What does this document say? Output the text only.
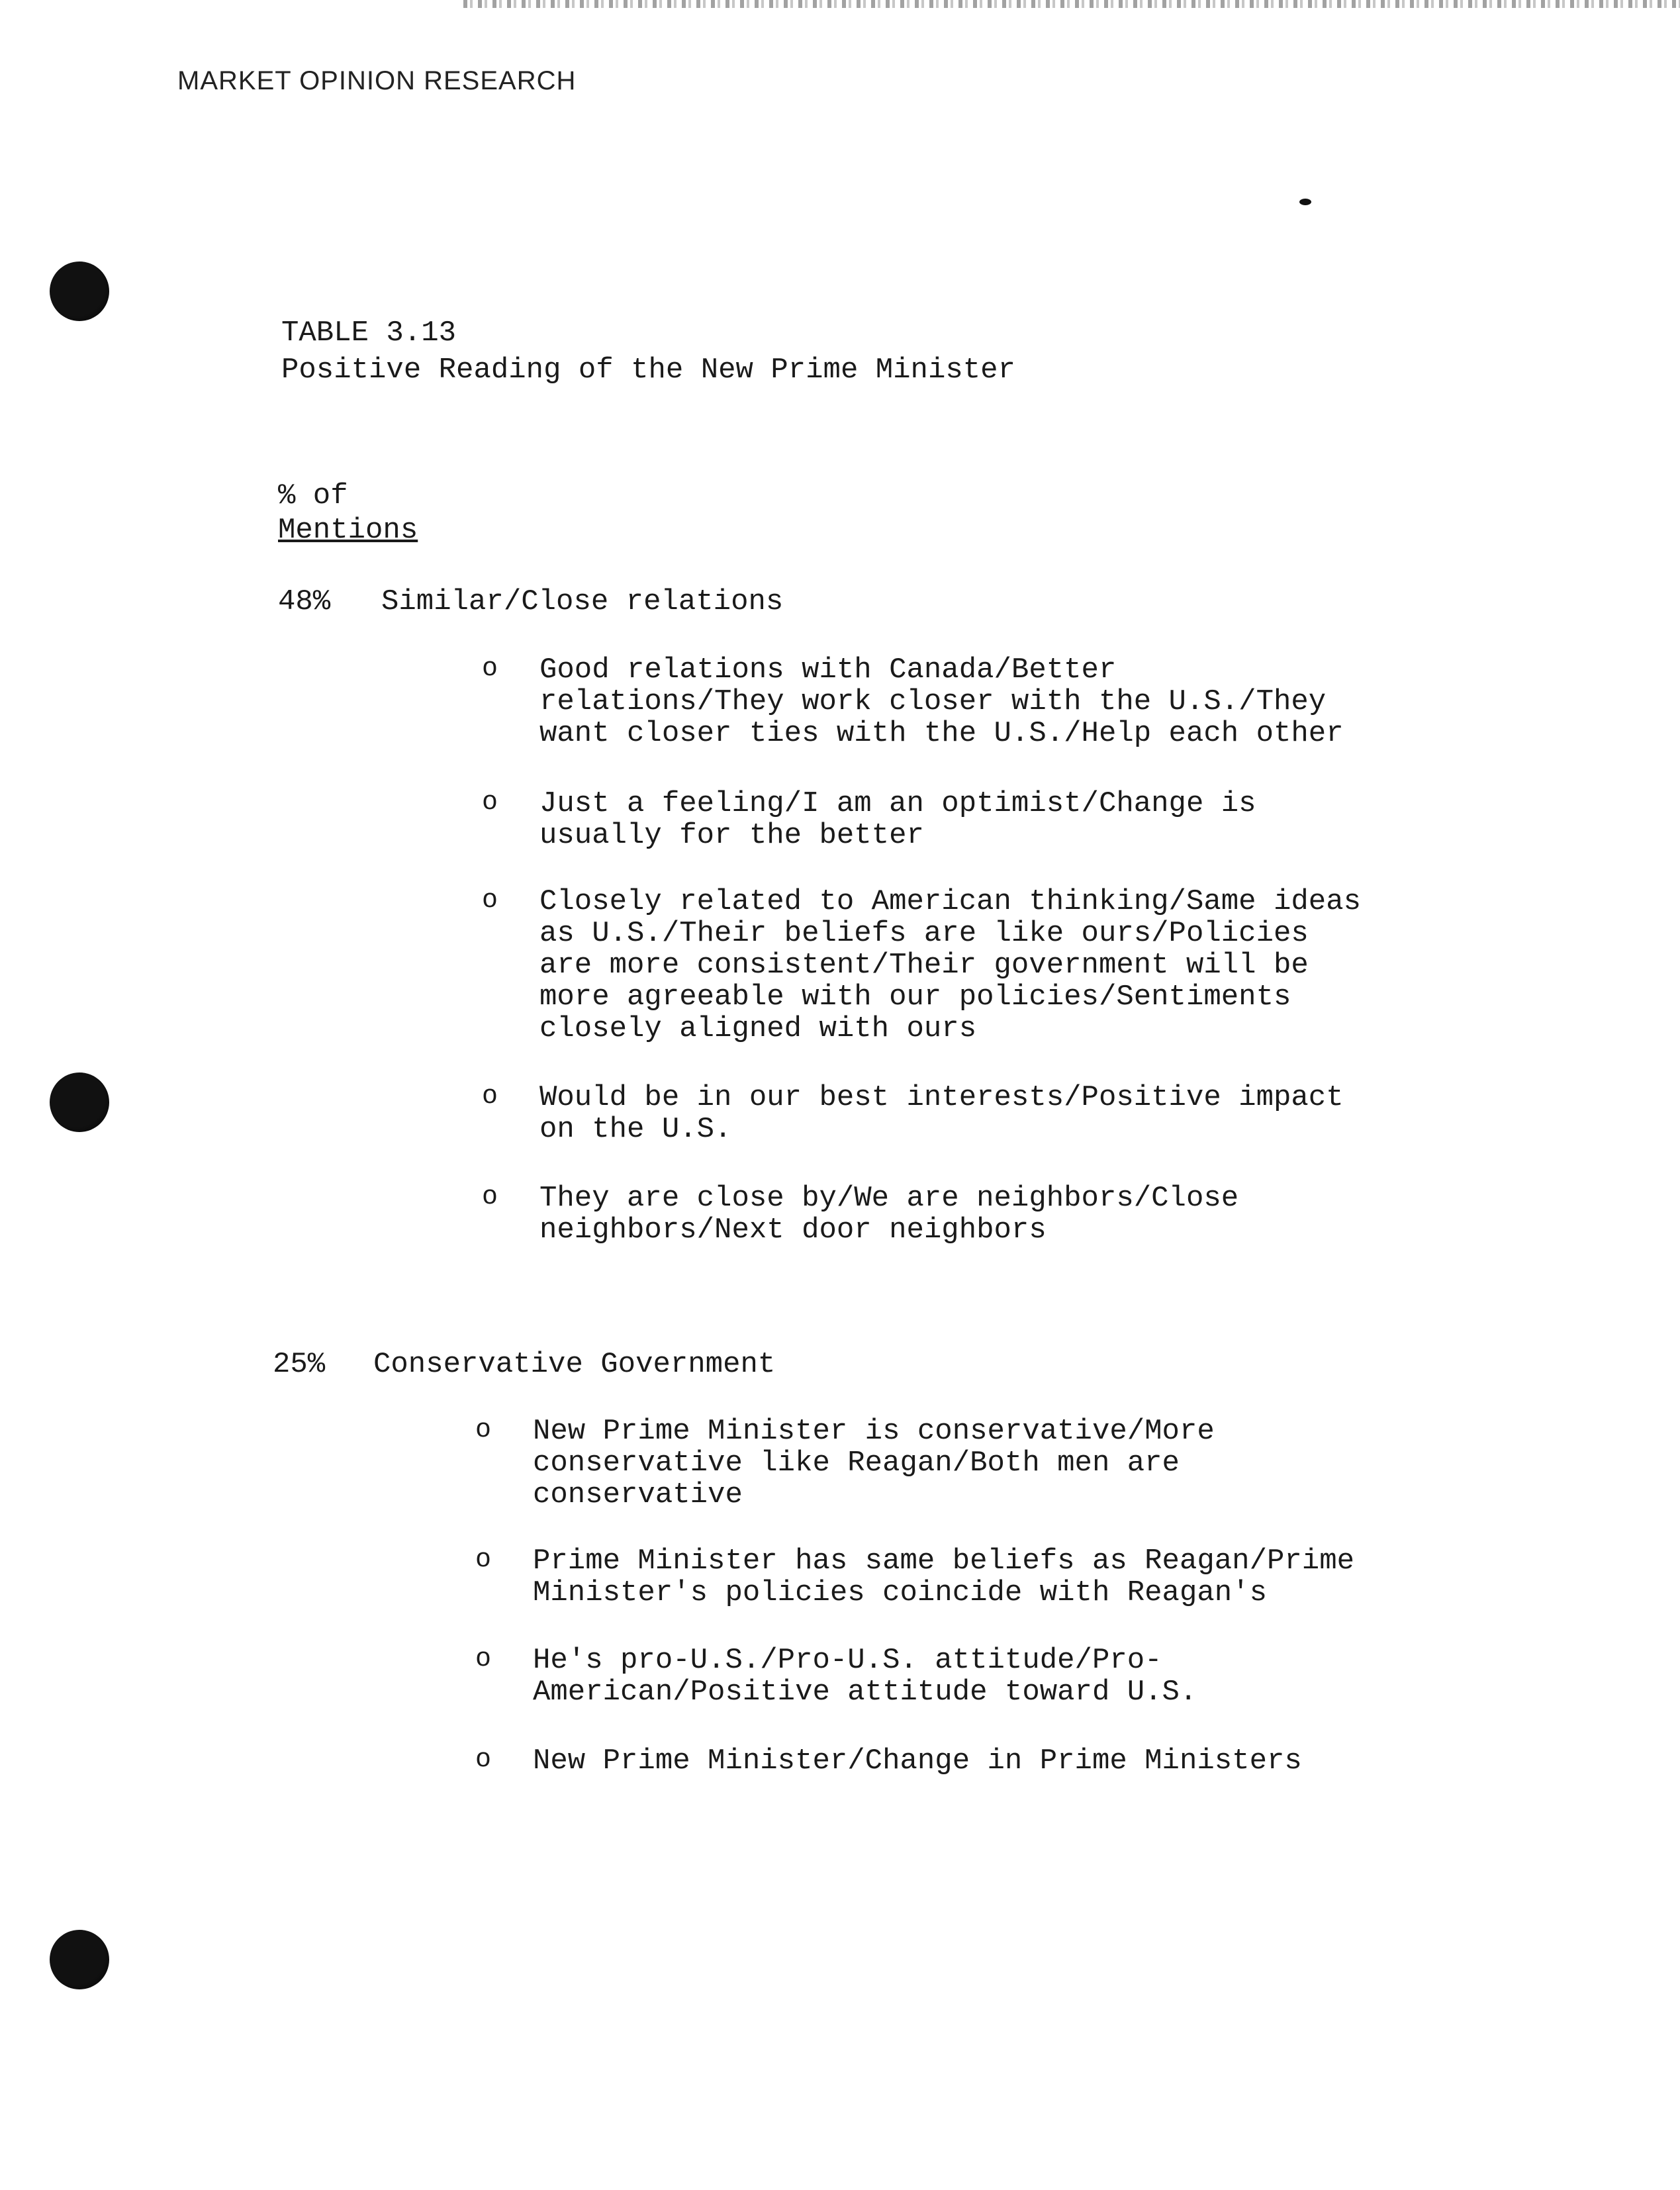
MARKET OPINION RESEARCH
TABLE 3.13
Positive Reading of the New Prime Minister
% of
Mentions
48% Similar/Close relations
o Good relations with Canada/Better
relations/They work closer with the U.S./They
want closer ties with the U.S./Help each other
o Just a feeling/I am an optimist/Change is
usually for the better
o Closely related to American thinking/Same ideas
as U.S./Their beliefs are like ours/Policies
are more consistent/Their government will be
more agreeable with our policies/Sentiments
closely aligned with ours
o Would be in our best interests/Positive impact
on the U.S.
o They are close by/We are neighbors/Close
neighbors/Next door neighbors
25% Conservative Government
o New Prime Minister is conservative/More
conservative like Reagan/Both men are
conservative
o Prime Minister has same beliefs as Reagan/Prime
Minister's policies coincide with Reagan's
o He's pro-U.S./Pro-U.S. attitude/Pro-
American/Positive attitude toward U.S.
o New Prime Minister/Change in Prime Ministers
